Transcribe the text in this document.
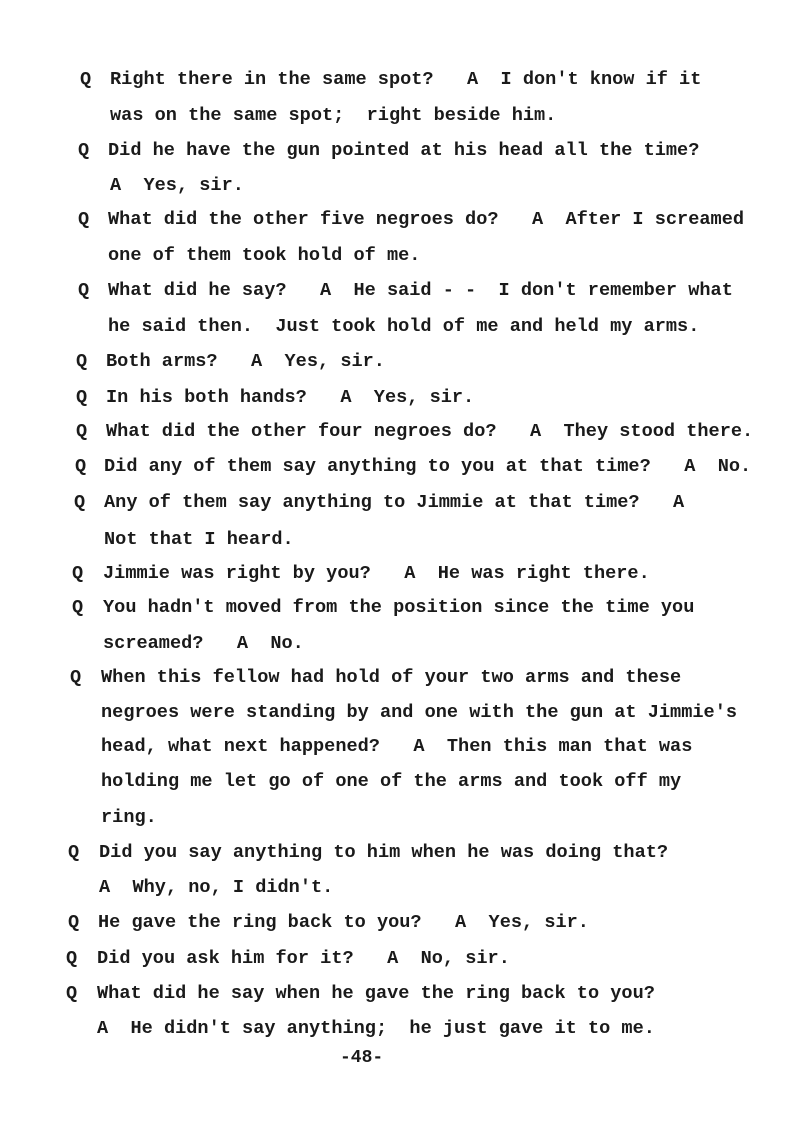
-48-
Q Right there in the same spot?   A  I don't know if it
was on the same spot;  right beside him.
Q Did he have the gun pointed at his head all the time?
A  Yes, sir.
Q What did the other five negroes do?   A  After I screamed
one of them took hold of me.
Q What did he say?   A  He said - -  I don't remember what
he said then.  Just took hold of me and held my arms.
Q Both arms?   A  Yes, sir.
Q In his both hands?   A  Yes, sir.
Q What did the other four negroes do?   A  They stood there.
Q Did any of them say anything to you at that time?   A  No.
Q Any of them say anything to Jimmie at that time?   A
Not that I heard.
Q Jimmie was right by you?   A  He was right there.
Q You hadn't moved from the position since the time you
screamed?   A  No.
Q When this fellow had hold of your two arms and these
negroes were standing by and one with the gun at Jimmie's
head, what next happened?   A  Then this man that was
holding me let go of one of the arms and took off my
ring.
Q Did you say anything to him when he was doing that?
A  Why, no, I didn't.
Q He gave the ring back to you?   A  Yes, sir.
Q Did you ask him for it?   A  No, sir.
Q What did he say when he gave the ring back to you?
A  He didn't say anything;  he just gave it to me.
